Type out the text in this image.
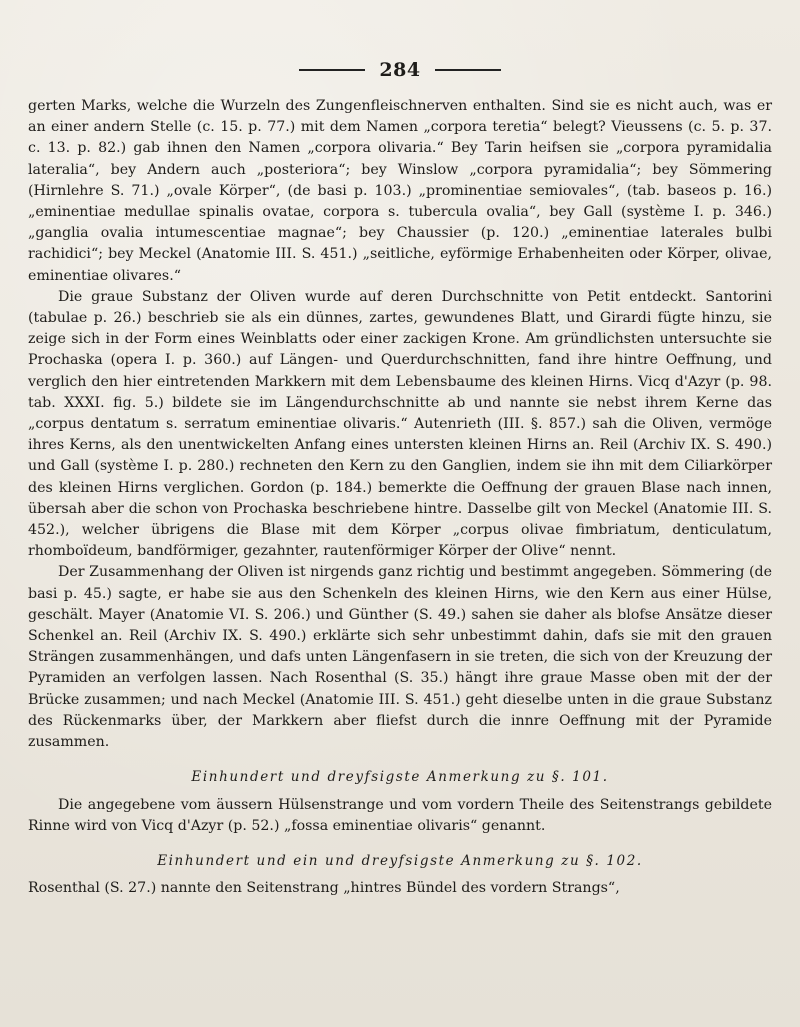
284

gerten Marks, welche die Wurzeln des Zungenfleischnerven enthalten. Sind sie es nicht auch, was er an einer andern Stelle (c. 15. p. 77.) mit dem Namen „corpora teretia“ belegt? Vieussens (c. 5. p. 37. c. 13. p. 82.) gab ihnen den Namen „corpora olivaria.“ Bey Tarin heifsen sie „corpora pyramidalia lateralia“, bey Andern auch „posteriora“; bey Winslow „corpora pyramidalia“; bey Sömmering (Hirnlehre S. 71.) „ovale Körper“, (de basi p. 103.) „prominentiae semiovales“, (tab. baseos p. 16.) „eminentiae medullae spinalis ovatae, corpora s. tubercula ovalia“, bey Gall (système I. p. 346.) „ganglia ovalia intumescentiae magnae“; bey Chaussier (p. 120.) „eminentiae laterales bulbi rachidici“; bey Meckel (Anatomie III. S. 451.) „seitliche, eyförmige Erhabenheiten oder Körper, olivae, eminentiae olivares.“

Die graue Substanz der Oliven wurde auf deren Durchschnitte von Petit entdeckt. Santorini (tabulae p. 26.) beschrieb sie als ein dünnes, zartes, gewundenes Blatt, und Girardi fügte hinzu, sie zeige sich in der Form eines Weinblatts oder einer zackigen Krone. Am gründlichsten untersuchte sie Prochaska (opera I. p. 360.) auf Längen- und Querdurchschnitten, fand ihre hintre Oeffnung, und verglich den hier eintretenden Markkern mit dem Lebensbaume des kleinen Hirns. Vicq d'Azyr (p. 98. tab. XXXI. fig. 5.) bildete sie im Längendurchschnitte ab und nannte sie nebst ihrem Kerne das „corpus dentatum s. serratum eminentiae olivaris.“ Autenrieth (III. §. 857.) sah die Oliven, vermöge ihres Kerns, als den unentwickelten Anfang eines untersten kleinen Hirns an. Reil (Archiv IX. S. 490.) und Gall (système I. p. 280.) rechneten den Kern zu den Ganglien, indem sie ihn mit dem Ciliarkörper des kleinen Hirns verglichen. Gordon (p. 184.) bemerkte die Oeffnung der grauen Blase nach innen, übersah aber die schon von Prochaska beschriebene hintre. Dasselbe gilt von Meckel (Anatomie III. S. 452.), welcher übrigens die Blase mit dem Körper „corpus olivae fimbriatum, denticulatum, rhomboïdeum, bandförmiger, gezahnter, rautenförmiger Körper der Olive“ nennt.

Der Zusammenhang der Oliven ist nirgends ganz richtig und bestimmt angegeben. Sömmering (de basi p. 45.) sagte, er habe sie aus den Schenkeln des kleinen Hirns, wie den Kern aus einer Hülse, geschält. Mayer (Anatomie VI. S. 206.) und Günther (S. 49.) sahen sie daher als blofse Ansätze dieser Schenkel an. Reil (Archiv IX. S. 490.) erklärte sich sehr unbestimmt dahin, dafs sie mit den grauen Strängen zusammenhängen, und dafs unten Längenfasern in sie treten, die sich von der Kreuzung der Pyramiden an verfolgen lassen. Nach Rosenthal (S. 35.) hängt ihre graue Masse oben mit der der Brücke zusammen; und nach Meckel (Anatomie III. S. 451.) geht dieselbe unten in die graue Substanz des Rückenmarks über, der Markkern aber fliefst durch die innre Oeffnung mit der Pyramide zusammen.

Einhundert und dreyfsigste Anmerkung zu §. 101.

Die angegebene vom äussern Hülsenstrange und vom vordern Theile des Seitenstrangs gebildete Rinne wird von Vicq d'Azyr (p. 52.) „fossa eminentiae olivaris“ genannt.

Einhundert und ein und dreyfsigste Anmerkung zu §. 102.

Rosenthal (S. 27.) nannte den Seitenstrang „hintres Bündel des vordern Strangs“,
